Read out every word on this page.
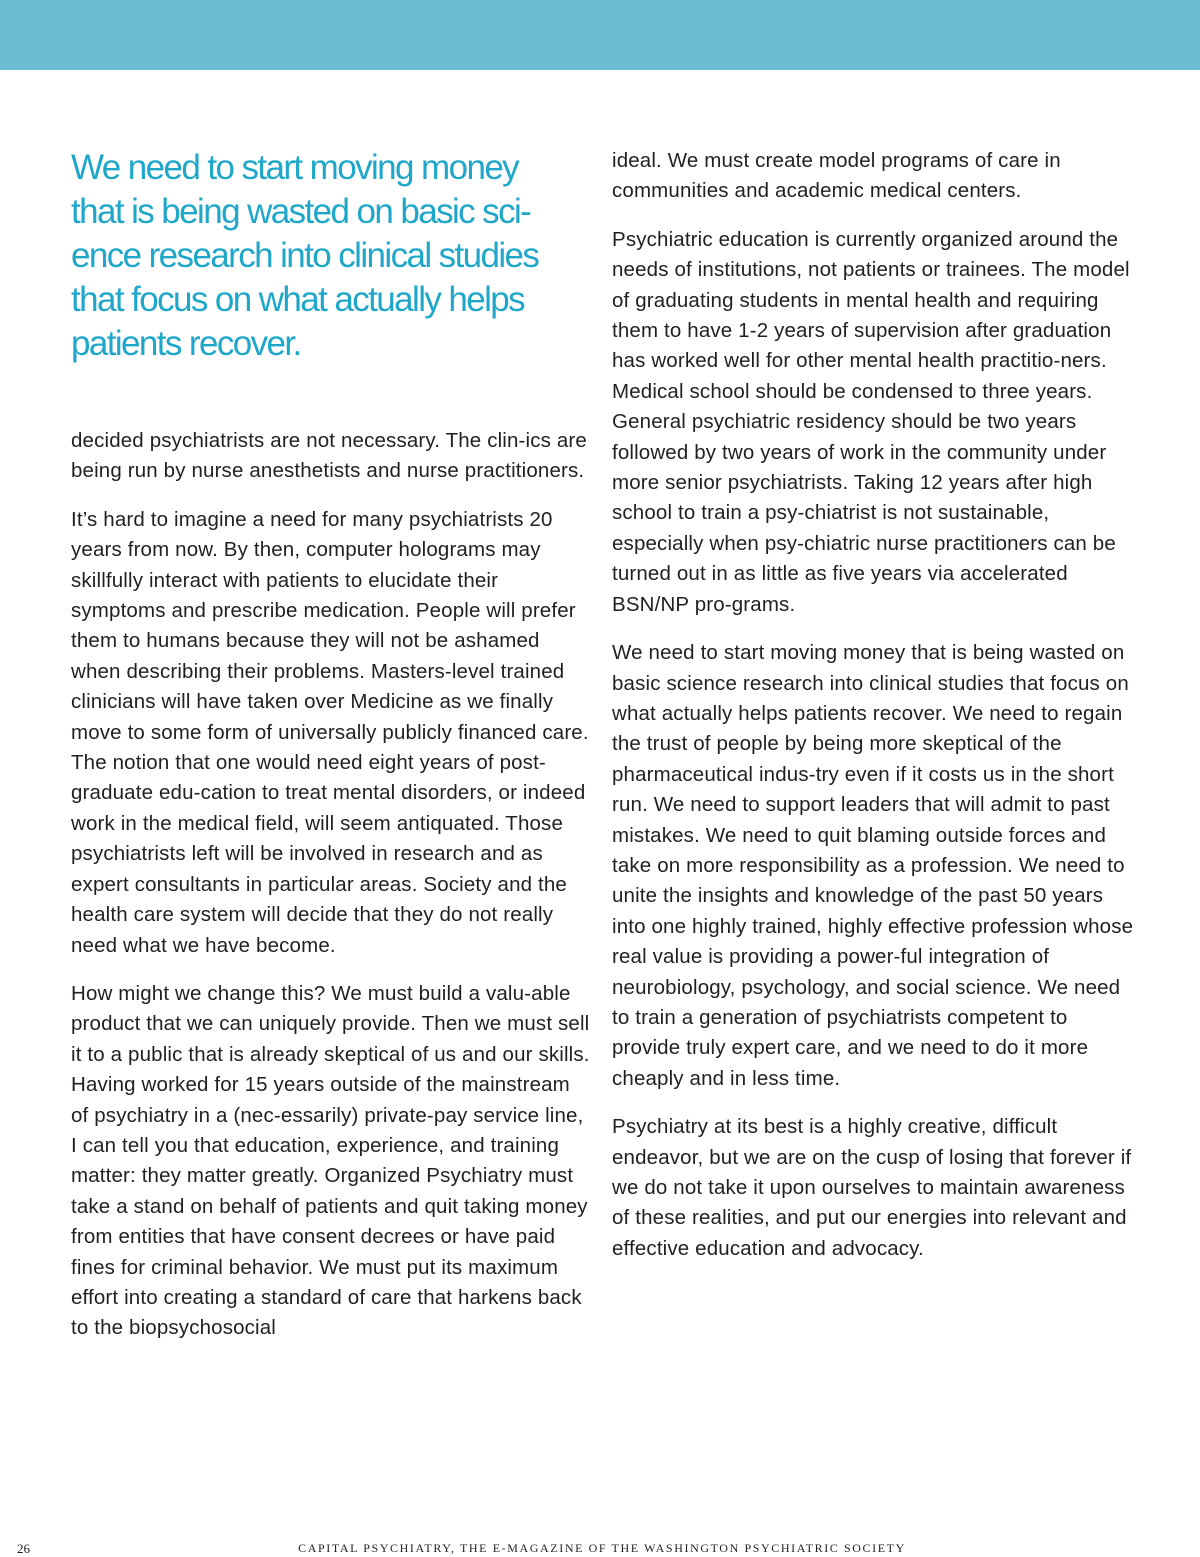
We need to start moving money that is being wasted on basic sci-ence research into clinical studies that focus on what actually helps patients recover.

decided psychiatrists are not necessary. The clin-ics are being run by nurse anesthetists and nurse practitioners.

It’s hard to imagine a need for many psychiatrists 20 years from now. By then, computer holograms may skillfully interact with patients to elucidate their symptoms and prescribe medication. People will prefer them to humans because they will not be ashamed when describing their problems. Masters-level trained clinicians will have taken over Medicine as we finally move to some form of universally publicly financed care. The notion that one would need eight years of post-graduate edu-cation to treat mental disorders, or indeed work in the medical field, will seem antiquated. Those psychiatrists left will be involved in research and as expert consultants in particular areas. Society and the health care system will decide that they do not really need what we have become.

How might we change this? We must build a valu-able product that we can uniquely provide. Then we must sell it to a public that is already skeptical of us and our skills. Having worked for 15 years outside of the mainstream of psychiatry in a (nec-essarily) private-pay service line, I can tell you that education, experience, and training matter: they matter greatly. Organized Psychiatry must take a stand on behalf of patients and quit taking money from entities that have consent decrees or have paid fines for criminal behavior. We must put its maximum effort into creating a standard of care that harkens back to the biopsychosocial

ideal. We must create model programs of care in communities and academic medical centers.

Psychiatric education is currently organized around the needs of institutions, not patients or trainees. The model of graduating students in mental health and requiring them to have 1-2 years of supervision after graduation has worked well for other mental health practitio-ners. Medical school should be condensed to three years. General psychiatric residency should be two years followed by two years of work in the community under more senior psychiatrists. Taking 12 years after high school to train a psy-chiatrist is not sustainable, especially when psy-chiatric nurse practitioners can be turned out in as little as five years via accelerated BSN/NP pro-grams.

We need to start moving money that is being wasted on basic science research into clinical studies that focus on what actually helps patients recover. We need to regain the trust of people by being more skeptical of the pharmaceutical indus-try even if it costs us in the short run. We need to support leaders that will admit to past mistakes. We need to quit blaming outside forces and take on more responsibility as a profession. We need to unite the insights and knowledge of the past 50 years into one highly trained, highly effective profession whose real value is providing a power-ful integration of neurobiology, psychology, and social science. We need to train a generation of psychiatrists competent to provide truly expert care, and we need to do it more cheaply and in less time.

Psychiatry at its best is a highly creative, difficult endeavor, but we are on the cusp of losing that forever if we do not take it upon ourselves to maintain awareness of these realities, and put our energies into relevant and effective education and advocacy.

CAPITAL PSYCHIATRY, THE E-MAGAZINE OF THE WASHINGTON PSYCHIATRIC SOCIETY
26
